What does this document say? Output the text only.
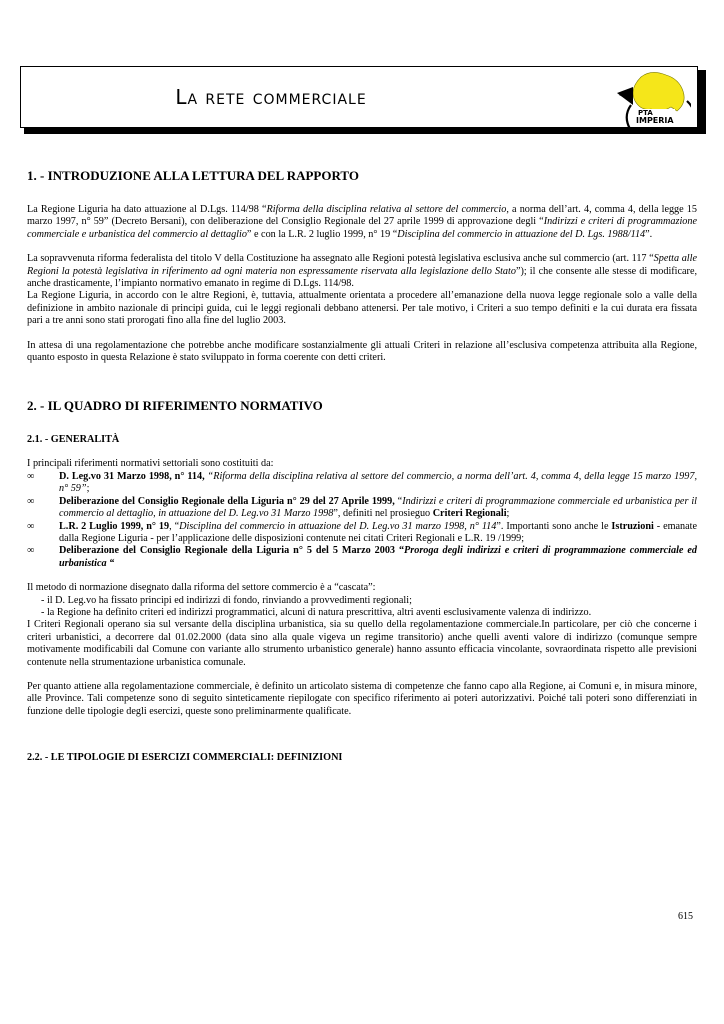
La rete commerciale
PTA
IMPERIA
1. - INTRODUZIONE ALLA LETTURA DEL RAPPORTO

La Regione Liguria ha dato attuazione al D.Lgs. 114/98 “Riforma della disciplina relativa al settore del commercio, a norma dell’art. 4, comma 4, della legge 15 marzo 1997, n° 59” (Decreto Bersani), con deliberazione del Consiglio Regionale del 27 aprile 1999 di approvazione degli “Indirizzi e criteri di programmazione commerciale e urbanistica del commercio al dettaglio” e con la L.R. 2 luglio 1999, n° 19 “Disciplina del commercio in attuazione del D. Lgs. 1988/114”.

La sopravvenuta riforma federalista del titolo V della Costituzione ha assegnato alle Regioni potestà legislativa esclusiva anche sul commercio (art. 117 “Spetta alle Regioni la potestà legislativa in riferimento ad ogni materia non espressamente riservata alla legislazione dello Stato”); il che consente alle stesse di modificare, anche drasticamente, l’impianto normativo emanato in regime di D.Lgs. 114/98.

La Regione Liguria, in accordo con le altre Regioni, è, tuttavia, attualmente orientata a procedere all’emanazione della nuova legge regionale solo a valle della definizione in ambito nazionale di principi guida, cui le leggi regionali debbano attenersi. Per tale motivo, i Criteri a suo tempo definiti e la cui durata era fissata pari a tre anni sono stati prorogati fino alla fine del luglio 2003.

In attesa di una regolamentazione che potrebbe anche modificare sostanzialmente gli attuali Criteri in relazione all’esclusiva competenza attribuita alla Regione, quanto esposto in questa Relazione è stato sviluppato in forma coerente con detti criteri.

2. - IL QUADRO DI RIFERIMENTO NORMATIVO
2.1. - GENERALITÀ

I principali riferimenti normativi settoriali sono costituiti da:

∞	D. Leg.vo 31 Marzo 1998, n° 114, “Riforma della disciplina relativa al settore del commercio, a norma dell’art. 4, comma 4, della legge 15 marzo 1997, n° 59”;
∞	Deliberazione del Consiglio Regionale della Liguria n° 29 del 27 Aprile 1999, “Indirizzi e criteri di programmazione commerciale ed urbanistica per il commercio al dettaglio, in attuazione del D. Leg.vo 31 Marzo 1998”, definiti nel prosieguo Criteri Regionali;
∞	L.R. 2 Luglio 1999, n° 19, “Disciplina del commercio in attuazione del D. Leg.vo 31 marzo 1998, n° 114”. Importanti sono anche le Istruzioni - emanate dalla Regione Liguria - per l’applicazione delle disposizioni contenute nei citati Criteri Regionali e L.R. 19 /1999;
∞	Deliberazione del Consiglio Regionale della Liguria n° 5 del 5 Marzo 2003 “Proroga degli indirizzi e criteri di programmazione commerciale ed urbanistica “

Il metodo di normazione disegnato dalla riforma del settore commercio è a “cascata”:

- il D. Leg.vo ha fissato principi ed indirizzi di fondo, rinviando a provvedimenti regionali;
- la Regione ha definito criteri ed indirizzi programmatici, alcuni di natura prescrittiva, altri aventi esclusivamente valenza di indirizzo.

I Criteri Regionali operano sia sul versante della disciplina urbanistica, sia su quello della regolamentazione commerciale.In particolare, per ciò che concerne i criteri urbanistici, a decorrere dal 01.02.2000 (data sino alla quale vigeva un regime transitorio) anche quelli aventi valore di indirizzo (comunque sempre motivamente modificabili dal Comune con variante allo strumento urbanistico generale) hanno assunto efficacia vincolante, sovraordinata rispetto alle previsioni contenute nella strumentazione urbanistica comunale.

Per quanto attiene alla regolamentazione commerciale, è definito un articolato sistema di competenze che fanno capo alla Regione, ai Comuni e, in misura minore, alle Province. Tali competenze sono di seguito sinteticamente riepilogate con specifico riferimento ai poteri autorizzativi. Poiché tali poteri sono differenziati in funzione delle tipologie degli esercizi, queste sono preliminarmente qualificate.

2.2. - LE TIPOLOGIE DI ESERCIZI COMMERCIALI: DEFINIZIONI
615
